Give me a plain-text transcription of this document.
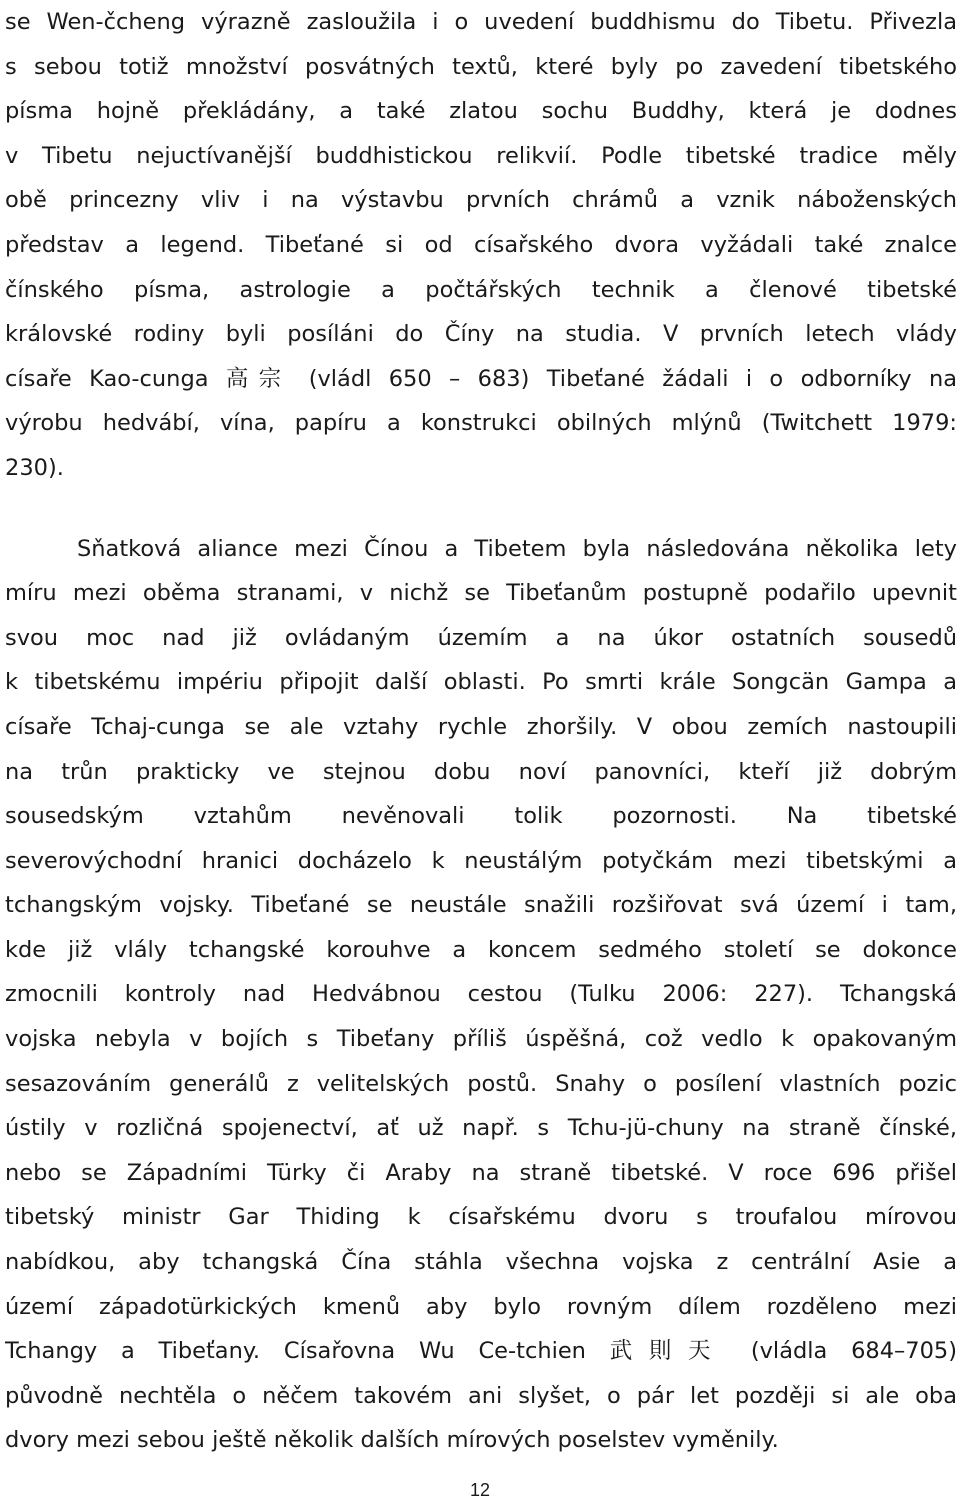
se Wen-čcheng výrazně zasloužila i o uvedení buddhismu do Tibetu. Přivezla
s sebou totiž množství posvátných textů, které byly po zavedení tibetského
písma hojně překládány, a také zlatou sochu Buddhy, která je dodnes
v Tibetu nejuctívanější buddhistickou relikvií. Podle tibetské tradice měly
obě princezny vliv i na výstavbu prvních chrámů a vznik náboženských
představ a legend. Tibeťané si od císařského dvora vyžádali také znalce
čínského písma, astrologie a počtářských technik a členové tibetské
královské rodiny byli posíláni do Číny na studia. V prvních letech vlády
císaře Kao-cunga 高宗 (vládl 650 – 683) Tibeťané žádali i o odborníky na
výrobu hedvábí, vína, papíru a konstrukci obilných mlýnů (Twitchett 1979:
230).
Sňatková aliance mezi Čínou a Tibetem byla následována několika lety
míru mezi oběma stranami, v nichž se Tibeťanům postupně podařilo upevnit
svou moc nad již ovládaným územím a na úkor ostatních sousedů
k tibetskému impériu připojit další oblasti. Po smrti krále Songcän Gampa a
císaře Tchaj-cunga se ale vztahy rychle zhoršily. V obou zemích nastoupili
na trůn prakticky ve stejnou dobu noví panovníci, kteří již dobrým
sousedským vztahům nevěnovali tolik pozornosti. Na tibetské
severovýchodní hranici docházelo k neustálým potyčkám mezi tibetskými a
tchangským vojsky. Tibeťané se neustále snažili rozšiřovat svá území i tam,
kde již vlály tchangské korouhve a koncem sedmého století se dokonce
zmocnili kontroly nad Hedvábnou cestou (Tulku 2006: 227). Tchangská
vojska nebyla v bojích s Tibeťany příliš úspěšná, což vedlo k opakovaným
sesazováním generálů z velitelských postů. Snahy o posílení vlastních pozic
ústily v rozličná spojenectví, ať už např. s Tchu-jü-chuny na straně čínské,
nebo se Západními Türky či Araby na straně tibetské. V roce 696 přišel
tibetský ministr Gar Thiding k císařskému dvoru s troufalou mírovou
nabídkou, aby tchangská Čína stáhla všechna vojska z centrální Asie a
území západotürkických kmenů aby bylo rovným dílem rozděleno mezi
Tchangy a Tibeťany. Císařovna Wu Ce-tchien 武則天 (vládla 684–705)
původně nechtěla o něčem takovém ani slyšet, o pár let později si ale oba
dvory mezi sebou ještě několik dalších mírových poselstev vyměnily.
12
